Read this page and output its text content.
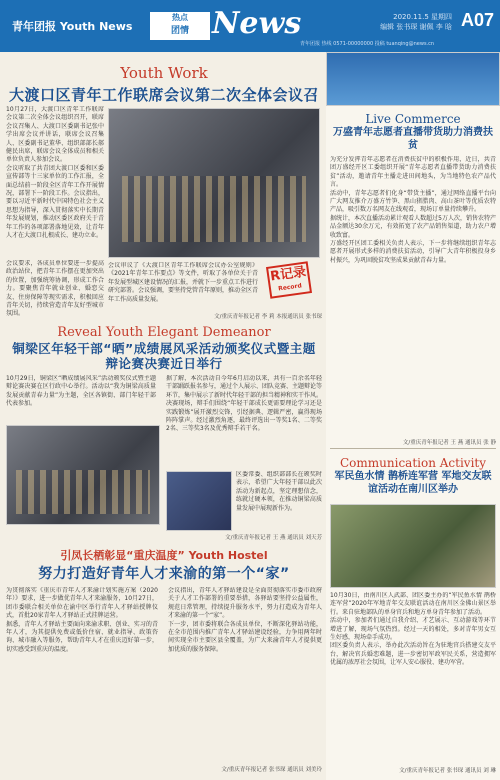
青年团报 Youth News
热点
团情 News	2020.11.5 星期四
编辑 张书琛 谢佩 李 晗 A07
青年团报 热线 0571-00000000 投稿 tuanqing@news.cn
Youth Work
大渡口区青年工作联席会议第二次全体会议召

10月27日，大渡口区青年工作联席会议第二次全体会议组织召开，联席会议召集人、大渡口区委副书记张中学出席会议并讲话，联席会议召集人、区委副书记董华、组织部部长郝健民出席，联席会议全体成员和相关单位负责人参加会议。

会议听取了共青团大渡口区委和区委宣传部等十三家单位的工作汇报，全面总结前一阶段全区青年工作开展情况，部署下一阶段工作。会议指出，要以习近平新时代中国特色社会主义思想为指导，深入贯彻落实中长期青年发展规划，推动区委区政府关于青年工作的各项部署落地见效，让青年人才在大渡口扎根成长、建功立业。

会议要求，各成员单位要进一步提高政治站位，把青年工作摆在更加突出的位置，加强统筹协调，形成工作合力。要聚焦青年就业创业、婚恋交友、住房保障等现实需求，积极回应青年关切，持续营造青年友好型城市氛围。

会议审议了《大渡口区青年工作联席会议办公室规则》《2021年青年工作要点》等文件，听取了各单位关于青年发展型城区建设情况的汇报，并就下一步重点工作进行研究部署。会议强调，要坚持党管青年原则，推动全区青年工作高质量发展。

R记录
Record
文/重庆青年报记者 李 莉 本报通讯员 张书琛
Reveal Youth Elegant Demeanor
铜梁区年轻干部“晒”成绩展风采活动颁奖仪式暨主题辩论赛决赛近日举行

10月29日，铜梁区“晒成绩展风采”活动颁奖仪式暨主题辩论赛决赛在区行政中心举行。活动以“我为铜梁高质量发展贡献青春力量”为主题，全区各镇街、部门年轻干部代表参加。

据了解，本次活动自今年6月启动以来，共有一百余名年轻干部踊跃报名参与，通过个人展示、团队竞赛、主题辩论等环节，集中展示了新时代年轻干部的担当精神和实干作风。

决赛现场，辩手们围绕“年轻干部成长更需要理论学习还是实践锻炼”展开激烈交锋，引经据典、逻辑严密，赢得现场阵阵掌声。经过激烈角逐，最终评选出一等奖1名、二等奖2名、三等奖3名及优秀辩手若干名。

区委常委、组织部部长在颁奖时表示，希望广大年轻干部以此次活动为新起点，坚定理想信念，练就过硬本领，在推动铜梁高质量发展中展现新作为。

文/重庆青年报记者 王 燕 通讯员 刘天芳
引凤长栖彰显“重庆温度” Youth Hostel
努力打造好青年人才来渝的第一个“家”

为贯彻落实《重庆市青年人才来渝计划实施方案（2020年）》要求，进一步做优青年人才来渝服务，10月27日，团市委联合相关单位在渝中区举行青年人才驿站授牌仪式，首批20家青年人才驿站正式挂牌运营。

据悉，青年人才驿站主要面向来渝求职、创业、实习的青年人才，为其提供免费或低价住宿、就业指导、政策咨询、城市融入等服务，帮助青年人才在重庆迈好第一步，切实感受到重庆的温度。

会议指出，青年人才驿站建设是全面贯彻落实市委市政府关于人才工作部署的重要举措，各驿站要坚持公益属性，规范日常管理，持续提升服务水平，努力打造成为青年人才来渝的第一个“家”。

下一步，团市委将联合各成员单位，不断深化驿站功能，在全市范围内推广青年人才驿站建设经验，力争用两年时间实现全市主要区县全覆盖，为广大来渝青年人才提供更加优质的服务保障。

文/重庆青年报记者 张书琛 通讯员 刘美玲
Live Commerce
万盛青年志愿者直播带货助力消费扶贫

为充分发挥青年志愿者在消费扶贫中的积极作用，近日，共青团万盛经开区工委组织开展“青年志愿者直播带货助力消费扶贫”活动，邀请青年主播走进田间地头，为当地特色农产品代言。

活动中，青年志愿者们化身“带货主播”，通过网络直播平台向广大网友推介万盛方竹笋、黑山猪腊肉、高山茶叶等优质农特产品，吸引数万名网友在线观看，现场订单量持续攀升。

据统计，本次直播活动累计观看人数超过5万人次，销售农特产品金额达30余万元，有效拓宽了农产品销售渠道，助力农户增收致富。

万盛经开区团工委相关负责人表示，下一步将继续组织青年志愿者开展形式多样的消费扶贫活动，引导广大青年积极投身乡村振兴，为巩固脱贫攻坚成果贡献青春力量。

文/重庆青年报记者 王 燕 通讯员 张 静
Communication Activity
军民鱼水情 鹊桥连军营 军地交友联谊活动在南川区举办

10月30日，由南川区人武部、团区委主办的“军民鱼水情 鹊桥连军营”2020年军地青年交友联谊活动在南川区金佛山景区举行。来自驻地部队的单身官兵和地方单身青年参加了活动。

活动中，参加者们通过自我介绍、才艺展示、互动游戏等环节增进了解，现场气氛热烈。经过一天的相处，多对青年男女互生好感，现场牵手成功。

团区委负责人表示，举办此次活动旨在为驻地官兵搭建交友平台，解决官兵婚恋难题，进一步密切军政军民关系，营造拥军优属的浓厚社会氛围，让军人安心服役、建功军营。

文/重庆青年报记者 张书琛 通讯员 刘 琳
